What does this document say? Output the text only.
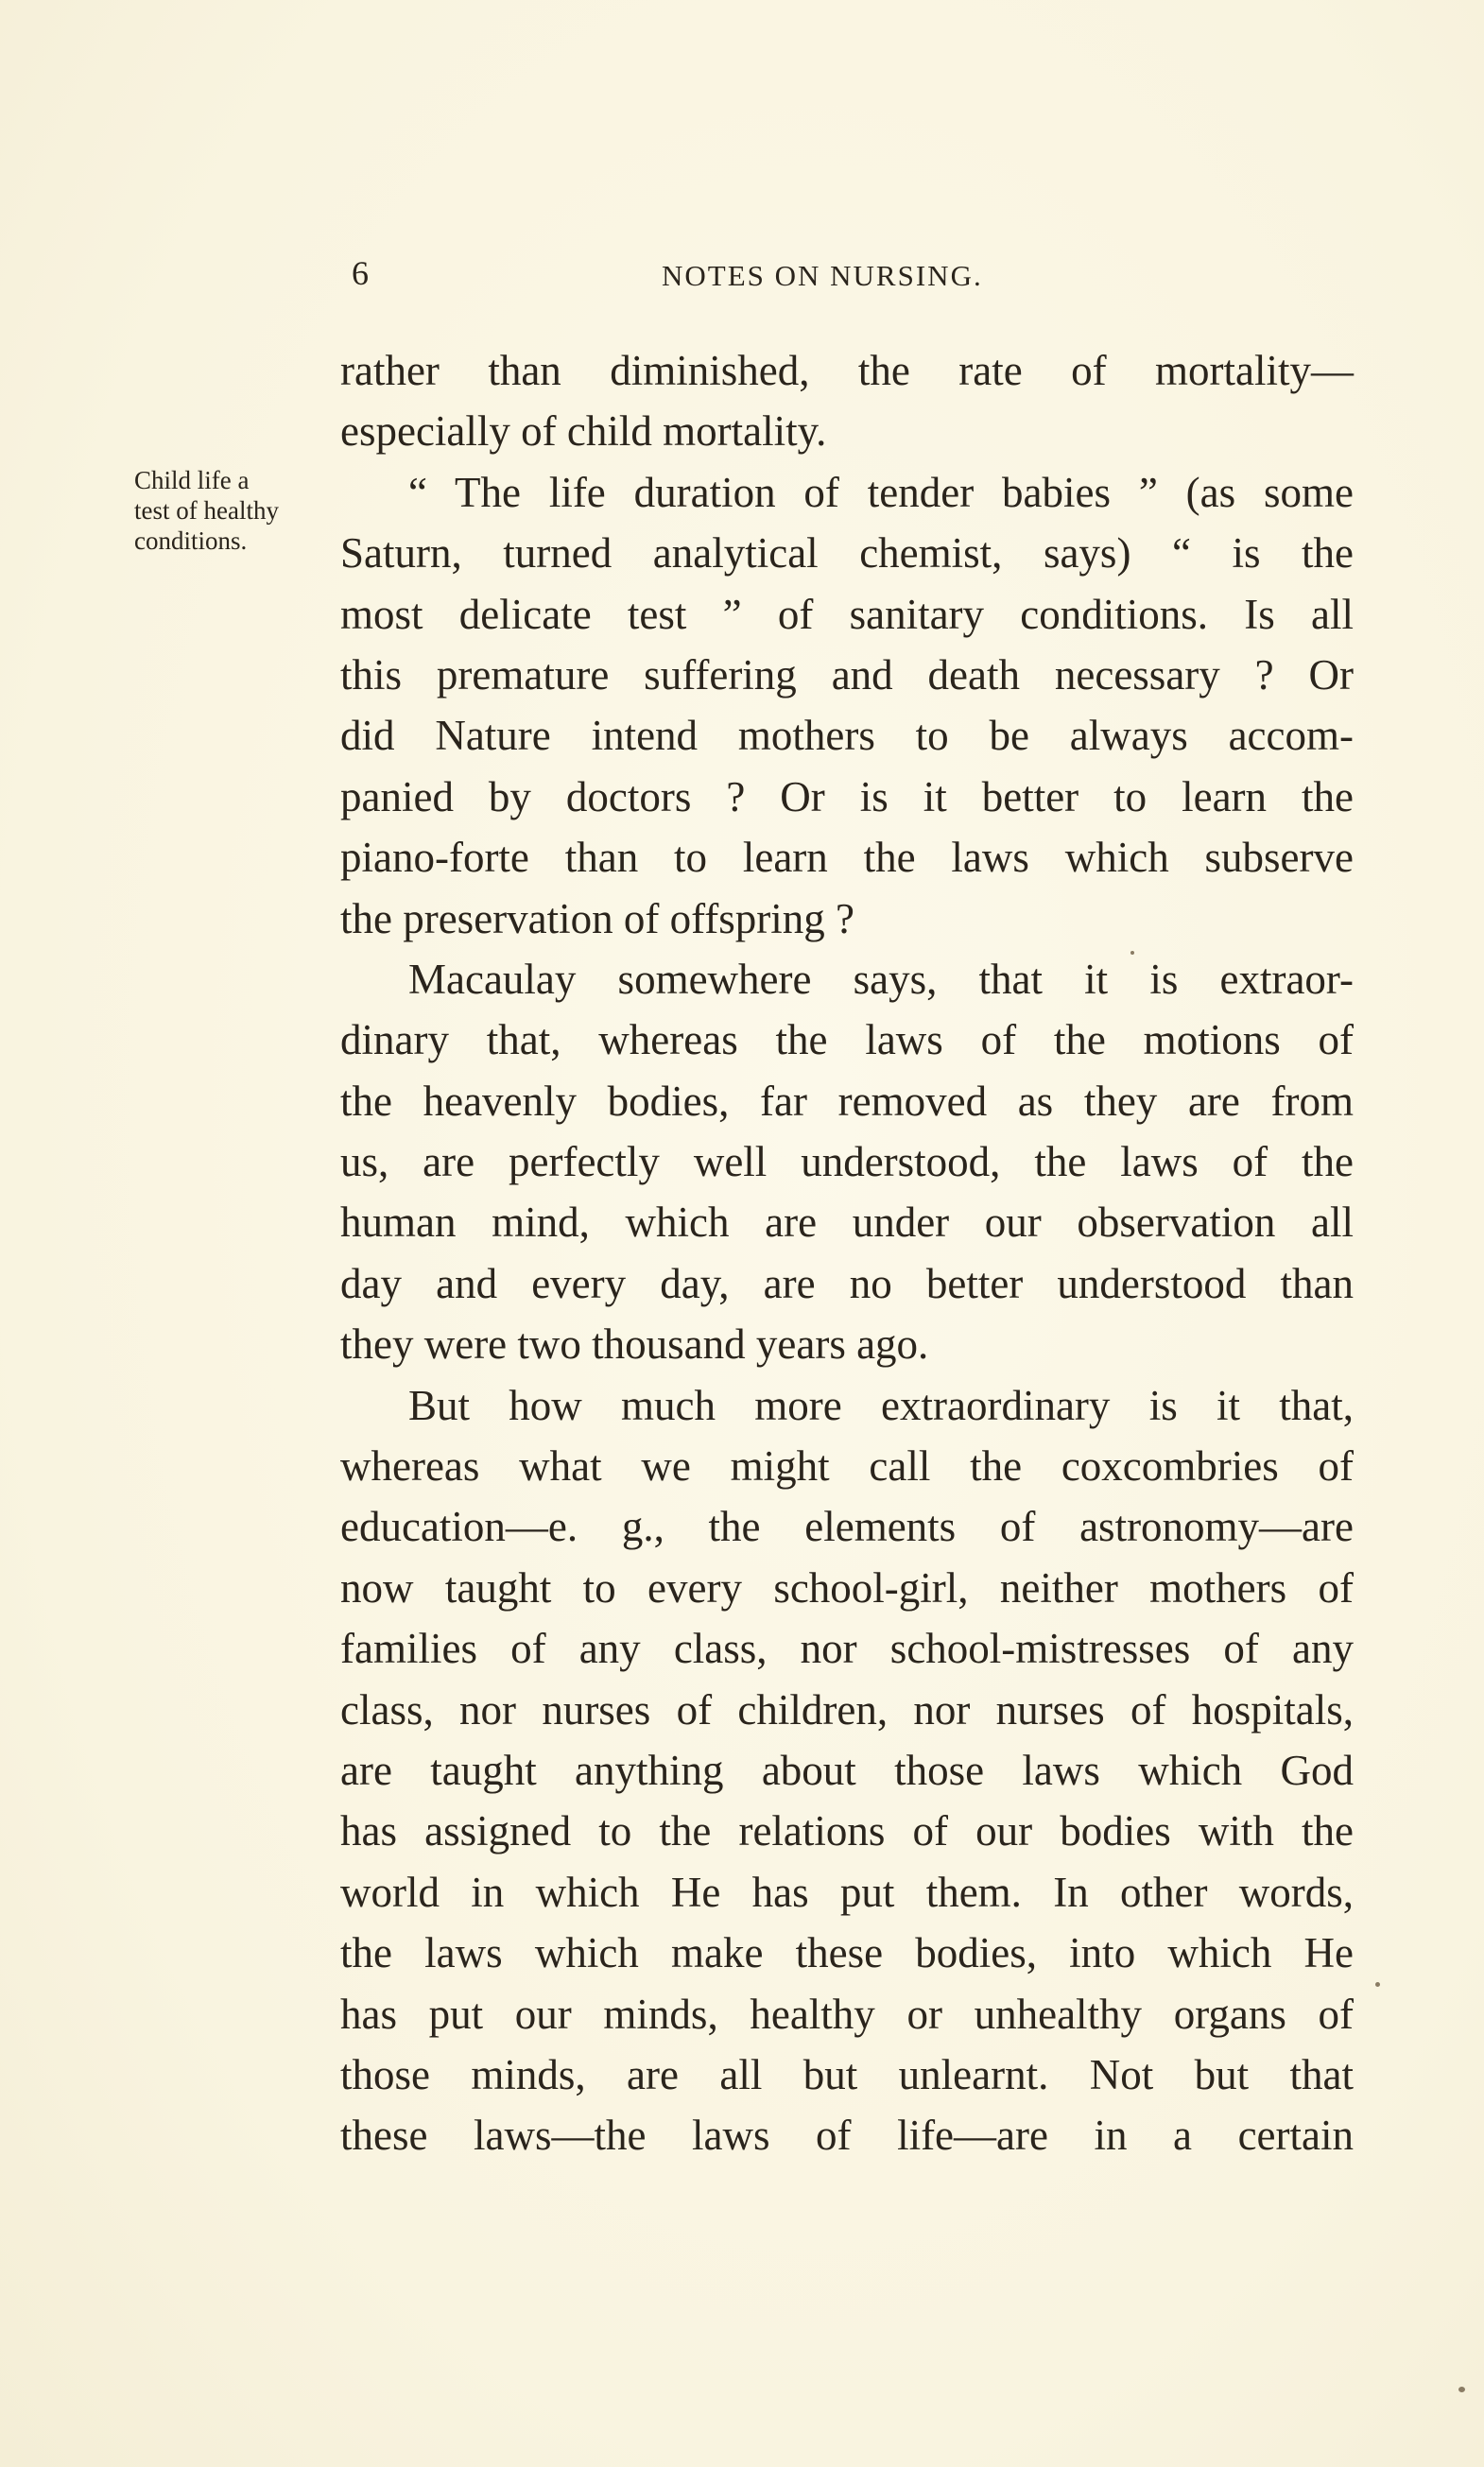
6	NOTES ON NURSING.
Child life a
test of healthy
conditions.
rather than diminished, the rate of mortality—
especially of child mortality.
“ The life duration of tender babies ” (as some
Saturn, turned analytical chemist, says) “ is the
most delicate test ” of sanitary conditions. Is all
this premature suffering and death necessary ? Or
did Nature intend mothers to be always accom-
panied by doctors ? Or is it better to learn the
piano-forte than to learn the laws which subserve
the preservation of offspring ?
Macaulay somewhere says, that it is extraor-
dinary that, whereas the laws of the motions of
the heavenly bodies, far removed as they are from
us, are perfectly well understood, the laws of the
human mind, which are under our observation all
day and every day, are no better understood than
they were two thousand years ago.
But how much more extraordinary is it that,
whereas what we might call the coxcombries of
education—e. g., the elements of astronomy—are
now taught to every school-girl, neither mothers of
families of any class, nor school-mistresses of any
class, nor nurses of children, nor nurses of hospitals,
are taught anything about those laws which God
has assigned to the relations of our bodies with the
world in which He has put them. In other words,
the laws which make these bodies, into which He
has put our minds, healthy or unhealthy organs of
those minds, are all but unlearnt. Not but that
these laws—the laws of life—are in a certain
